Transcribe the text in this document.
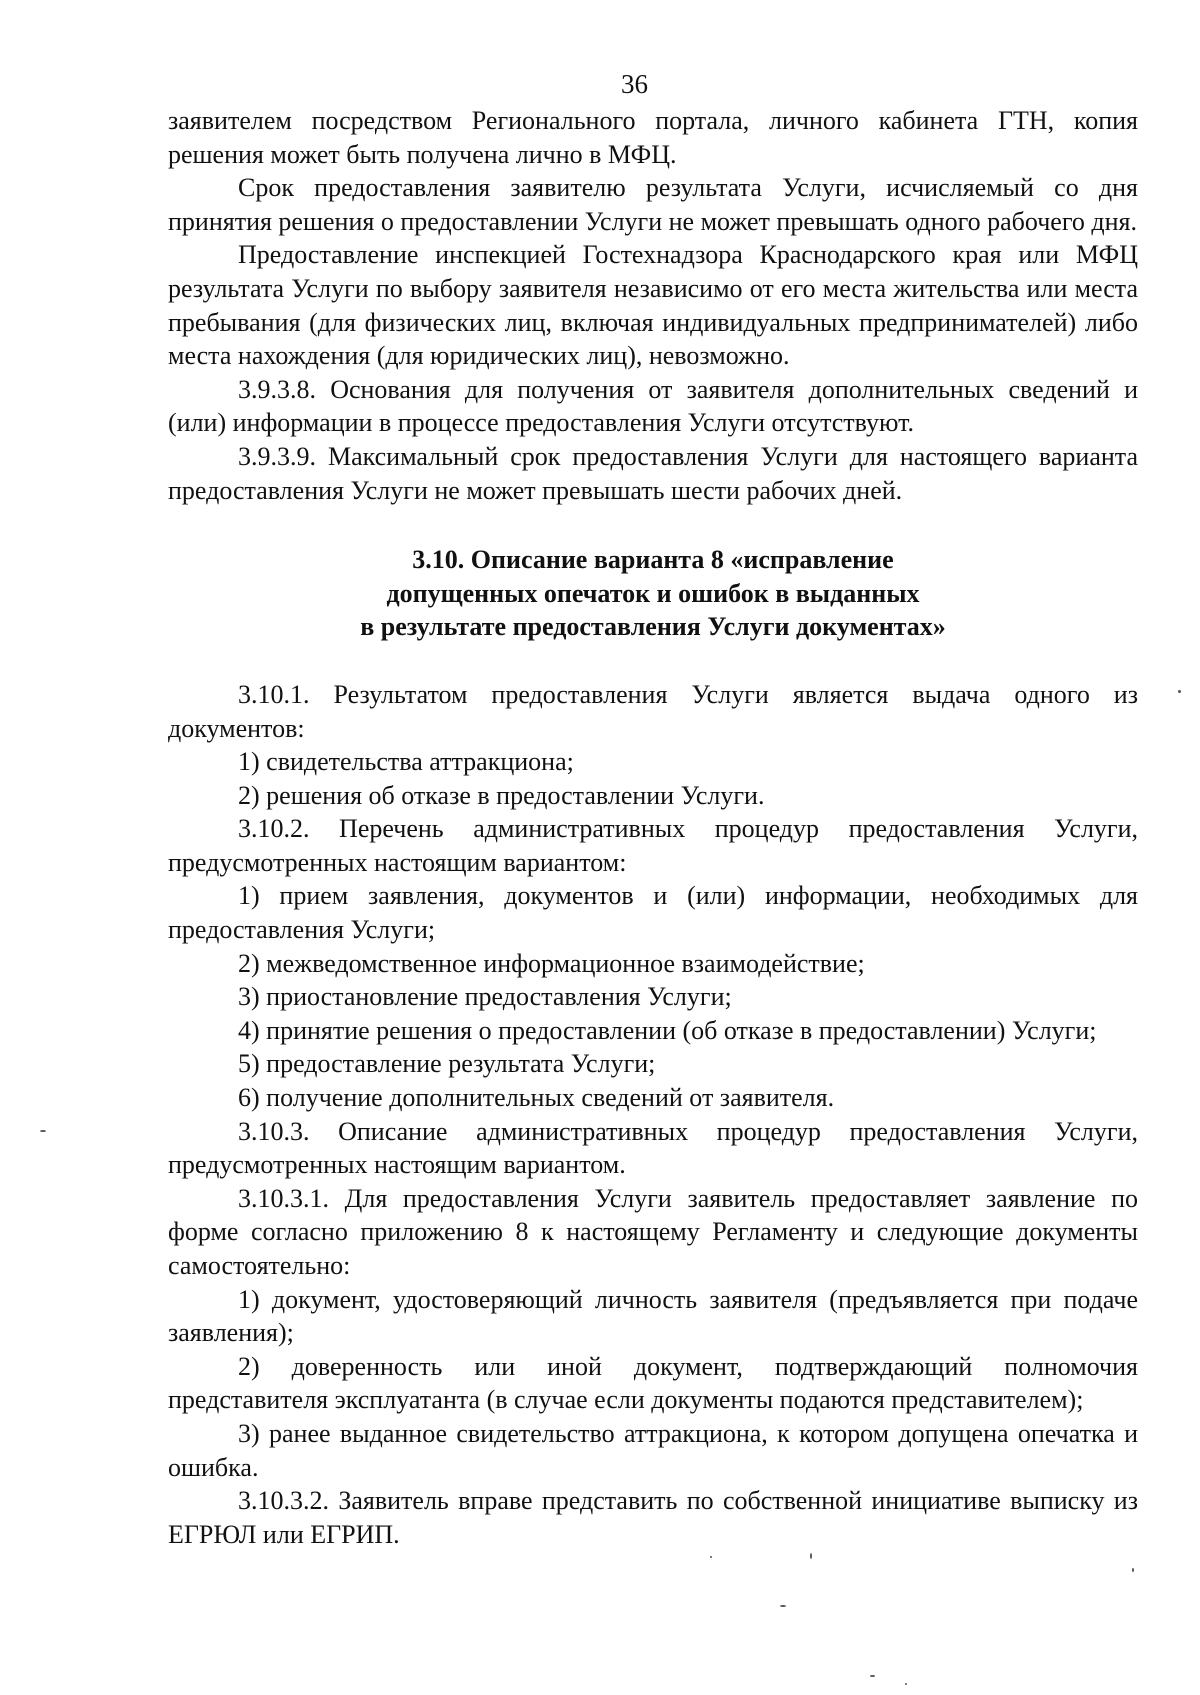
36

заявителем посредством Регионального портала, личного кабинета ГТН, копия решения может быть получена лично в МФЦ.

Срок предоставления заявителю результата Услуги, исчисляемый со дня принятия решения о предоставлении Услуги не может превышать одного рабочего дня.

Предоставление инспекцией Гостехнадзора Краснодарского края или МФЦ результата Услуги по выбору заявителя независимо от его места жительства или места пребывания (для физических лиц, включая индивидуальных предпринимателей) либо места нахождения (для юридических лиц), невозможно.

3.9.3.8. Основания для получения от заявителя дополнительных сведений и (или) информации в процессе предоставления Услуги отсутствуют.

3.9.3.9. Максимальный срок предоставления Услуги для настоящего варианта предоставления Услуги не может превышать шести рабочих дней.

3.10. Описание варианта 8 «исправление
допущенных опечаток и ошибок в выданных
в результате предоставления Услуги документах»

3.10.1. Результатом предоставления Услуги является выдача одного из документов:

1) свидетельства аттракциона;

2) решения об отказе в предоставлении Услуги.

3.10.2. Перечень административных процедур предоставления Услуги, предусмотренных настоящим вариантом:

1) прием заявления, документов и (или) информации, необходимых для предоставления Услуги;

2) межведомственное информационное взаимодействие;

3) приостановление предоставления Услуги;

4) принятие решения о предоставлении (об отказе в предоставлении) Услуги;

5) предоставление результата Услуги;

6) получение дополнительных сведений от заявителя.

3.10.3. Описание административных процедур предоставления Услуги, предусмотренных настоящим вариантом.

3.10.3.1. Для предоставления Услуги заявитель предоставляет заявление по форме согласно приложению 8 к настоящему Регламенту и следующие документы самостоятельно:

1) документ, удостоверяющий личность заявителя (предъявляется при подаче заявления);

2) доверенность или иной документ, подтверждающий полномочия представителя эксплуатанта (в случае если документы подаются представителем);

3) ранее выданное свидетельство аттракциона, к котором допущена опечатка и ошибка.

3.10.3.2. Заявитель вправе представить по собственной инициативе выписку из ЕГРЮЛ или ЕГРИП.
